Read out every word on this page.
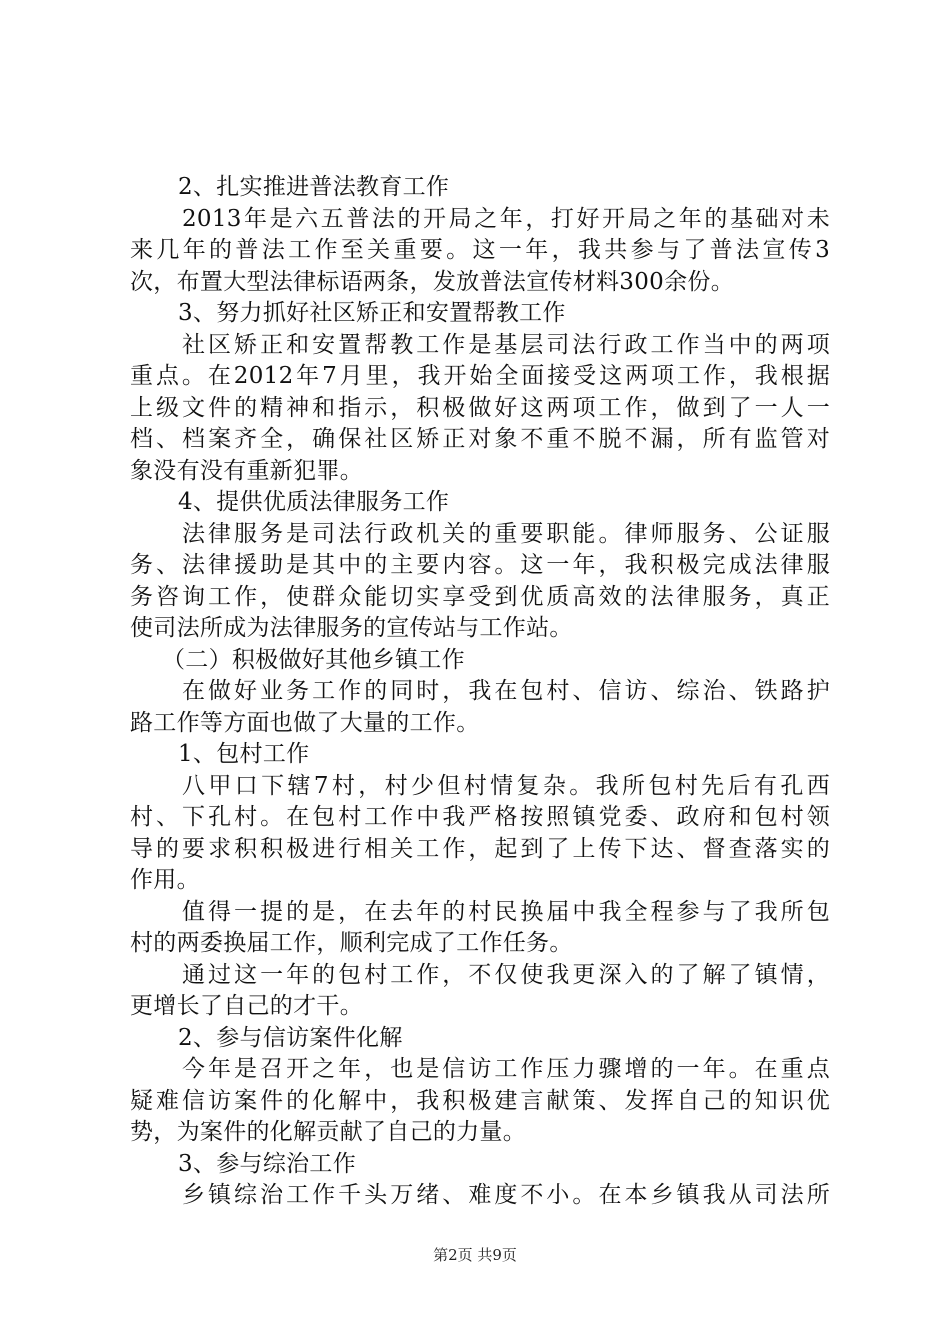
2、扎实推进普法教育工作
2013年是六五普法的开局之年，打好开局之年的基础对未
来几年的普法工作至关重要。这一年，我共参与了普法宣传3
次，布置大型法律标语两条，发放普法宣传材料300余份。
3、努力抓好社区矫正和安置帮教工作
社区矫正和安置帮教工作是基层司法行政工作当中的两项
重点。在2012年7月里，我开始全面接受这两项工作，我根据
上级文件的精神和指示，积极做好这两项工作，做到了一人一
档、档案齐全，确保社区矫正对象不重不脱不漏，所有监管对
象没有没有重新犯罪。
4、提供优质法律服务工作
法律服务是司法行政机关的重要职能。律师服务、公证服
务、法律援助是其中的主要内容。这一年，我积极完成法律服
务咨询工作，使群众能切实享受到优质高效的法律服务，真正
使司法所成为法律服务的宣传站与工作站。
（二）积极做好其他乡镇工作
在做好业务工作的同时，我在包村、信访、综治、铁路护
路工作等方面也做了大量的工作。
1、包村工作
八甲口下辖7村，村少但村情复杂。我所包村先后有孔西
村、下孔村。在包村工作中我严格按照镇党委、政府和包村领
导的要求积积极进行相关工作，起到了上传下达、督查落实的
作用。
值得一提的是，在去年的村民换届中我全程参与了我所包
村的两委换届工作，顺利完成了工作任务。
通过这一年的包村工作，不仅使我更深入的了解了镇情，
更增长了自己的才干。
2、参与信访案件化解
今年是召开之年，也是信访工作压力骤增的一年。在重点
疑难信访案件的化解中，我积极建言献策、发挥自己的知识优
势，为案件的化解贡献了自己的力量。
3、参与综治工作
乡镇综治工作千头万绪、难度不小。在本乡镇我从司法所
第2页 共9页
